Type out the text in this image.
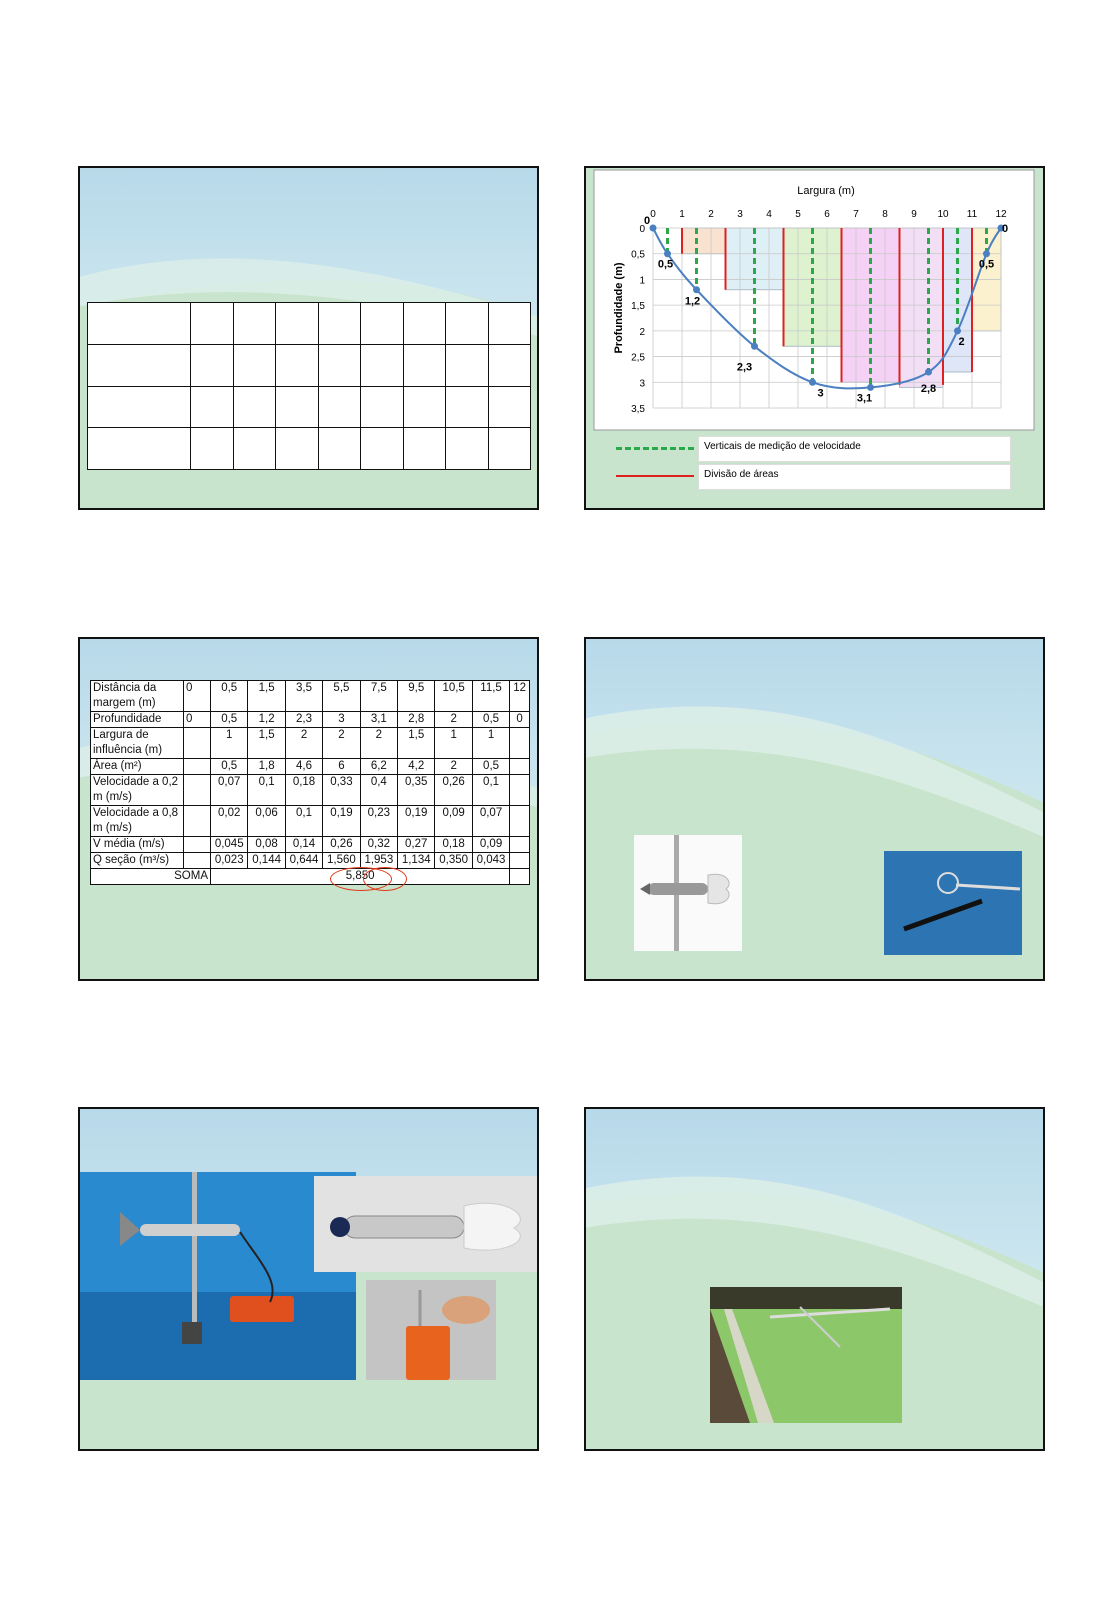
0
0,5
1,2
2,3
3	3,1
2,8
2
0,5
0
0 1 2 3 4 5 6 7 8 9 10 11 12
0
0,5
1
1,5
2
2,5
3
3,5
Largura (m)
Profundidade (m)
Verticais de medição de velocidade
Divisão de áreas
Distância da margem (m)	0	0,5	1,5	3,5	5,5	7,5	9,5	10,5	11,5	12
Profundidade	0	0,5	1,2	2,3	3	3,1	2,8	2	0,5	0
Largura de influência (m)		1	1,5	2	2	2	1,5	1	1	
Área (m²)		0,5	1,8	4,6	6	6,2	4,2	2	0,5	
Velocidade a 0,2 m (m/s)		0,07	0,1	0,18	0,33	0,4	0,35	0,26	0,1	
Velocidade a 0,8 m (m/s)		0,02	0,06	0,1	0,19	0,23	0,19	0,09	0,07	
V média (m/s)		0,045	0,08	0,14	0,26	0,32	0,27	0,18	0,09	
Q seção (m³/s)		0,023	0,144	0,644	1,560	1,953	1,134	0,350	0,043	
SOMA		5,850								
